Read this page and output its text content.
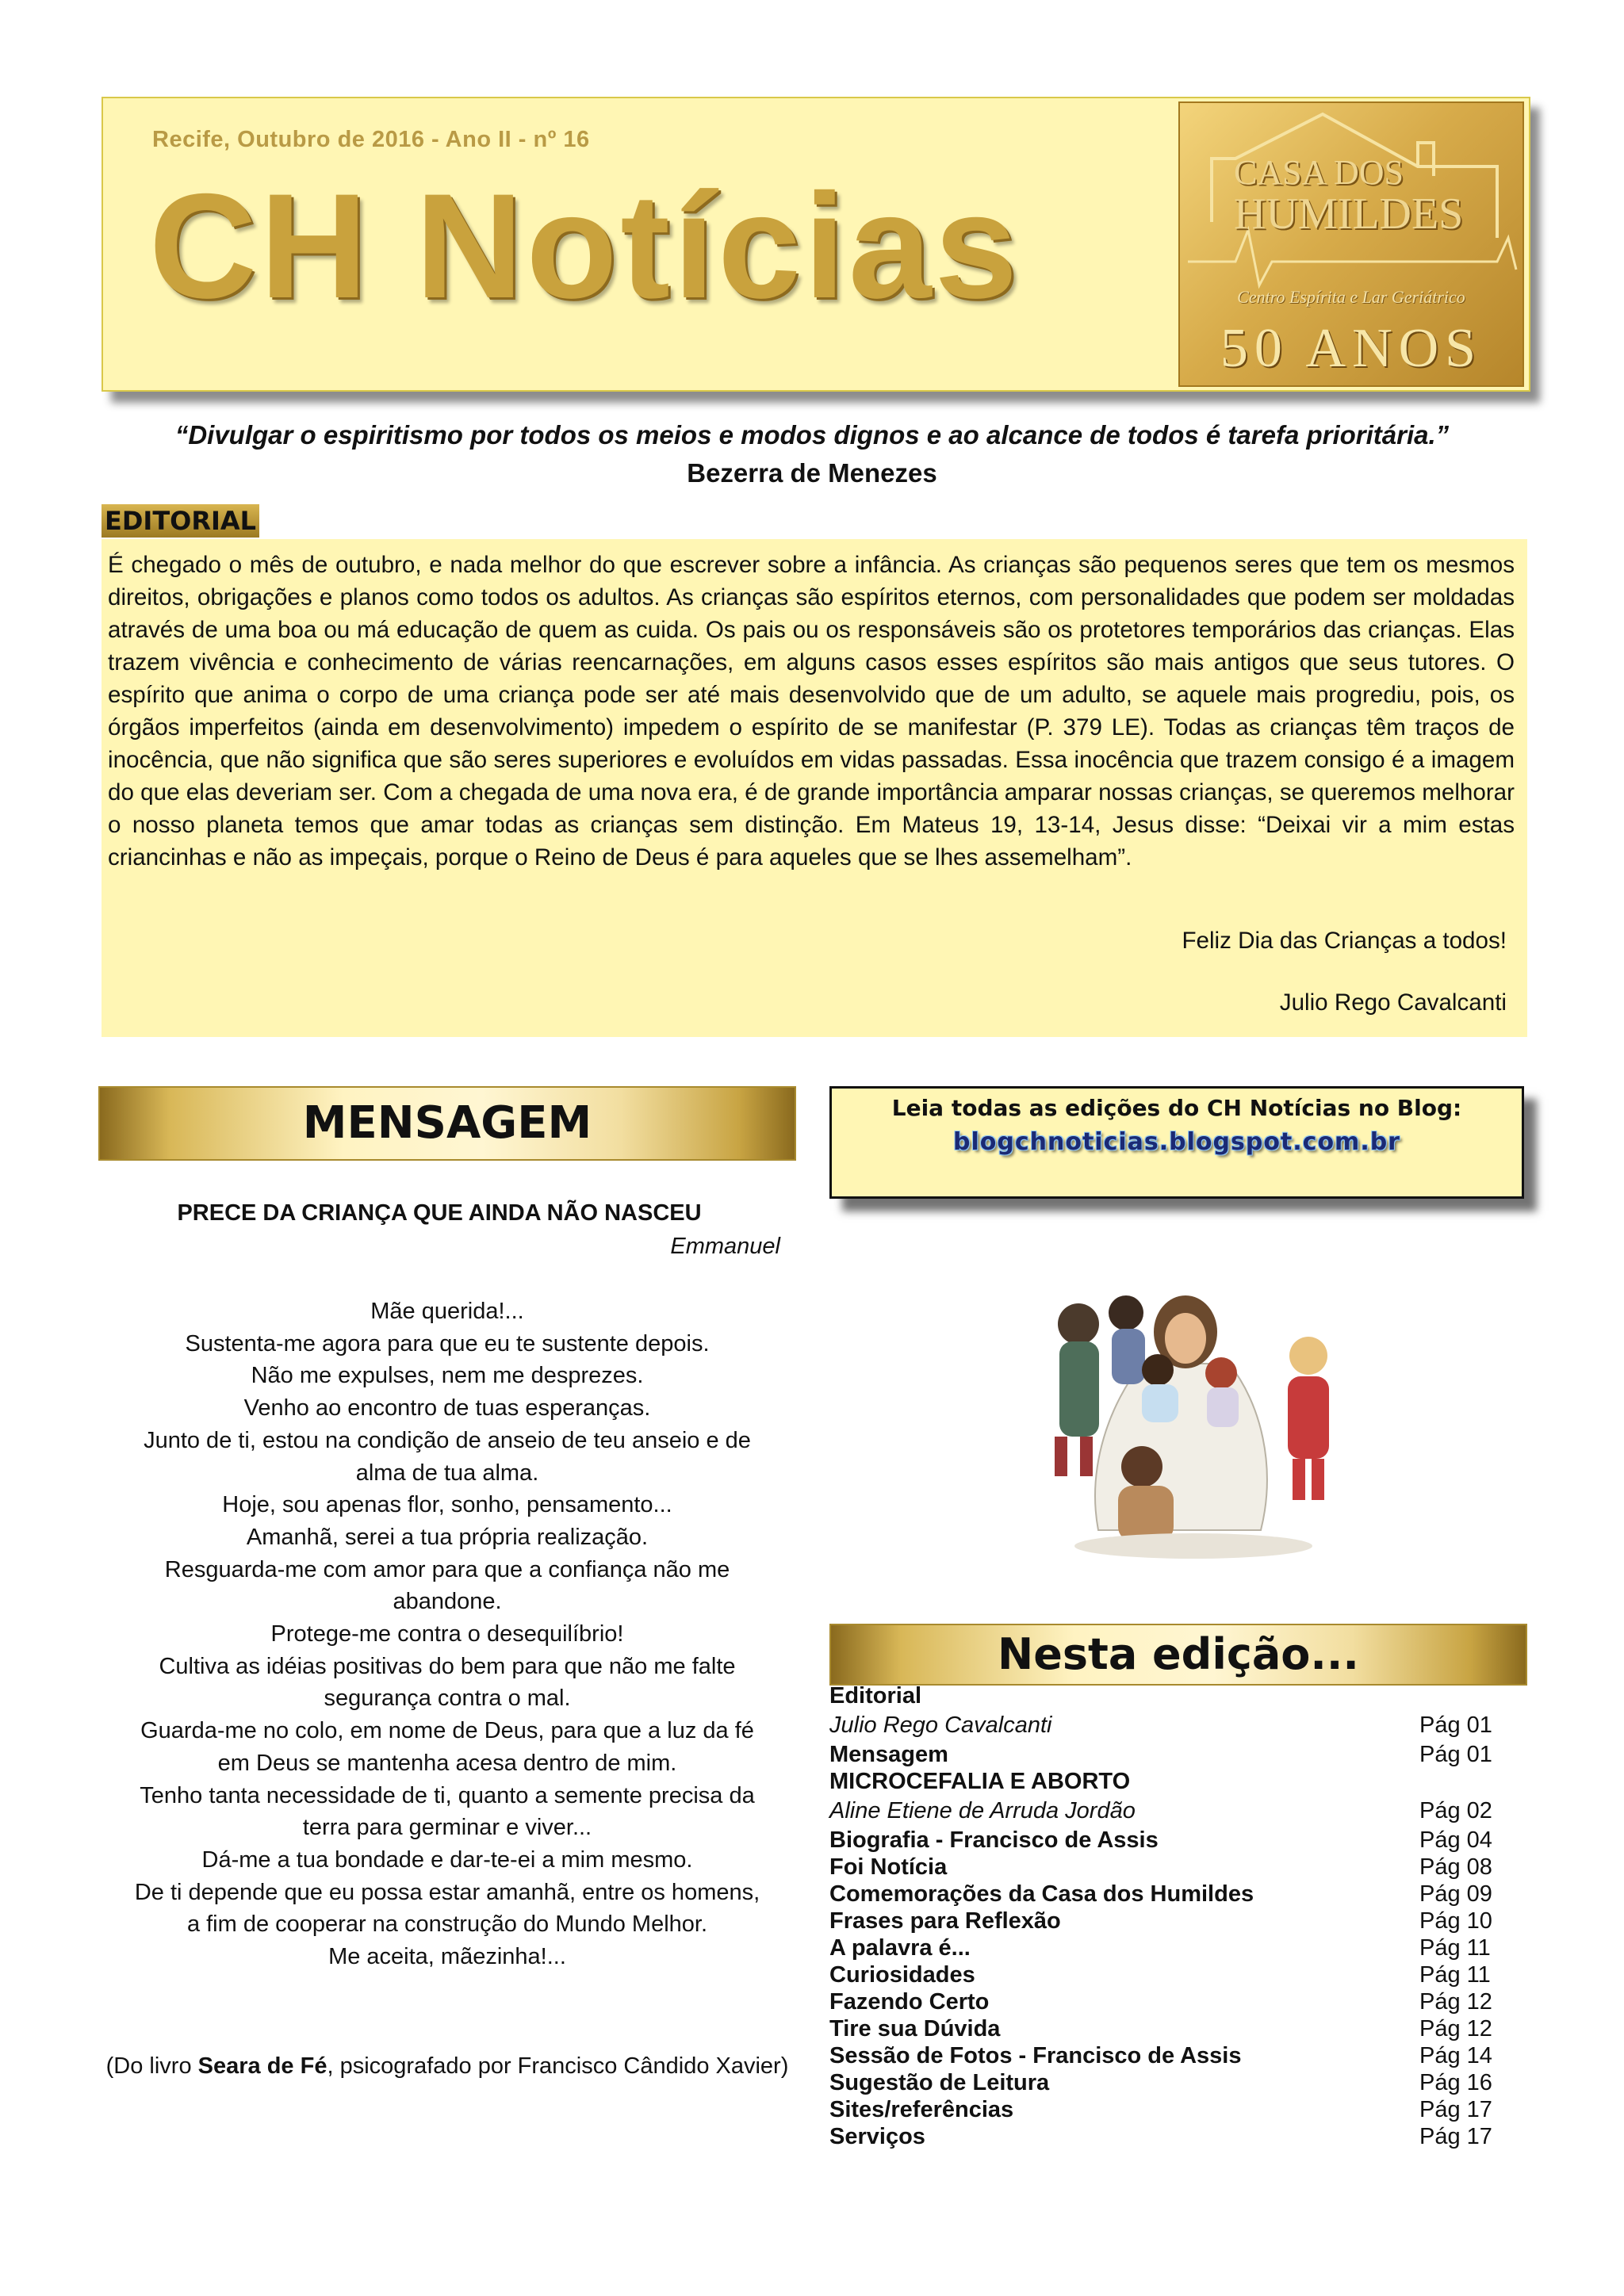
Recife, Outubro de 2016 - Ano II - nº 16
CH Notícias	CASA DOS
HUMILDES
Centro Espírita e Lar Geriátrico
50 ANOS
“Divulgar o espiritismo por todos os meios e modos dignos e ao alcance de todos é tarefa prioritária.”
Bezerra de Menezes
EDITORIAL
É chegado o mês de outubro, e nada melhor do que escrever sobre a infância. As crianças são pequenos seres que tem os mesmos direitos, obrigações e planos como todos os adultos. As crianças são espíritos eternos, com personalidades que podem ser moldadas através de uma boa ou má educação de quem as cuida. Os pais ou os responsáveis são os protetores temporários das crianças. Elas trazem vivência e conhecimento de várias reencarnações, em alguns casos esses espíritos são mais antigos que seus tutores. O espírito que anima o corpo de uma criança pode ser até mais desenvolvido que de um adulto, se aquele mais progrediu, pois, os órgãos imperfeitos (ainda em desenvolvimento) impedem o espírito de se manifestar (P. 379 LE). Todas as crianças têm traços de inocência, que não significa que são seres superiores e evoluídos em vidas passadas. Essa inocência que trazem consigo é a imagem do que elas deveriam ser. Com a chegada de uma nova era, é de grande importância amparar nossas crianças, se queremos melhorar o nosso planeta temos que amar todas as crianças sem distinção. Em Mateus 19, 13-14, Jesus disse: “Deixai vir a mim estas criancinhas e não as impeçais, porque o Reino de Deus é para aqueles que se lhes assemelham”.
Feliz Dia das Crianças a todos!
Julio Rego Cavalcanti
MENSAGEM
PRECE DA CRIANÇA QUE AINDA NÃO NASCEU
Emmanuel
Mãe querida!...
Sustenta-me agora para que eu te sustente depois.
Não me expulses, nem me desprezes.
Venho ao encontro de tuas esperanças.
Junto de ti, estou na condição de anseio de teu anseio e de
alma de tua alma.
Hoje, sou apenas flor, sonho, pensamento...
Amanhã, serei a tua própria realização.
Resguarda-me com amor para que a confiança não me
abandone.
Protege-me contra o desequilíbrio!
Cultiva as idéias positivas do bem para que não me falte
segurança contra o mal.
Guarda-me no colo, em nome de Deus, para que a luz da fé
em Deus se mantenha acesa dentro de mim.
Tenho tanta necessidade de ti, quanto a semente precisa da
terra para germinar e viver...
Dá-me a tua bondade e dar-te-ei a mim mesmo.
De ti depende que eu possa estar amanhã, entre os homens,
a fim de cooperar na construção do Mundo Melhor.
Me aceita, mãezinha!...
(Do livro Seara de Fé, psicografado por Francisco Cândido Xavier)
Leia todas as edições do CH Notícias no Blog:
blogchnoticias.blogspot.com.br
Nesta edição...
Editorial
Julio Rego Cavalcanti	Pág 01
Mensagem	Pág 01
MICROCEFALIA E ABORTO
Aline Etiene de Arruda Jordão	Pág 02
Biografia - Francisco de Assis	Pág 04
Foi Notícia	Pág 08
Comemorações da Casa dos Humildes	Pág 09
Frases para Reflexão	Pág 10
A palavra é...	Pág 11
Curiosidades	Pág 11
Fazendo Certo	Pág 12
Tire sua Dúvida	Pág 12
Sessão de Fotos - Francisco de Assis	Pág 14
Sugestão de Leitura	Pág 16
Sites/referências	Pág 17
Serviços	Pág 17
